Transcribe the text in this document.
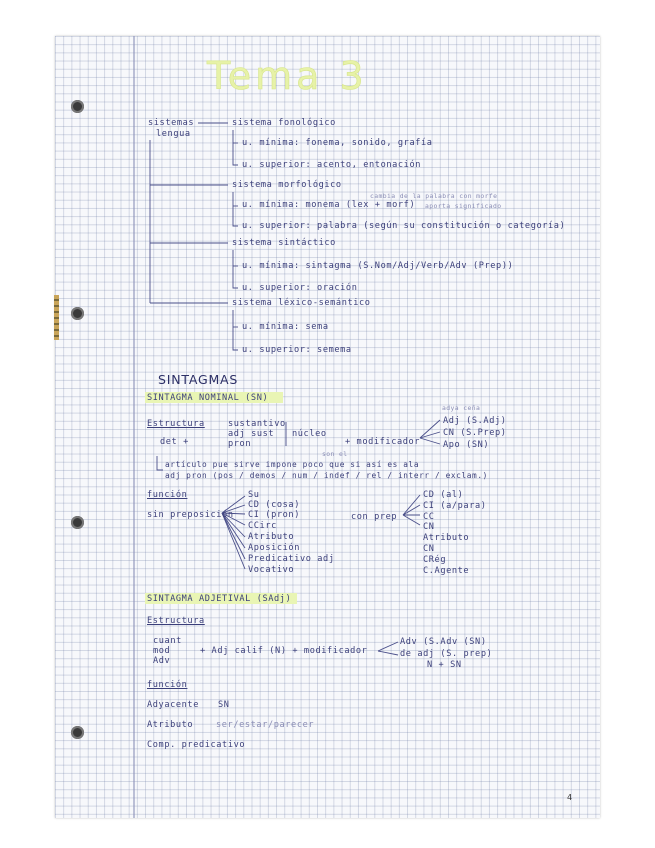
Tema 3
sistemas
lengua
sistema fonológico
u. mínima: fonema, sonido, grafía
u. superior: acento, entonación
sistema morfológico
cambia de la palabra con morfe
u. mínima: monema (lex + morf) aporta significado
u. superior: palabra (según su constitución o categoría)
sistema sintáctico
u. mínima: sintagma (S.Nom/Adj/Verb/Adv (Prep))
u. superior: oración
sistema léxico-semántico
u. mínima: sema
u. superior: semema
SINTAGMAS
SINTAGMA NOMINAL (SN)
Estructura
det +
sustantivo
adj sust
pron
núcleo
+ modificador
adya ceña
Adj (S.Adj)
CN (S.Prep)
Apo (SN)
son el
artículo pue sirve impone poco que si así es ala
adj pron (pos / demos / num / indef / rel / interr / exclam.)
función
sin preposición
Su
CD (cosa)
CI (pron)
CCirc
Atributo
Aposición
Predicativo adj
Vocativo
con prep
CD (al)
CI (a/para)
CC
CN
Atributo
CN
CRég
C.Agente
SINTAGMA ADJETIVAL (SAdj)
Estructura
cuant
mod
Adv
+ Adj calif (N) + modificador
Adv (S.Adv (SN)
de adj (S. prep)
N + SN
función
Adyacente SN
Atributo	ser/estar/parecer
Comp. predicativo
4
